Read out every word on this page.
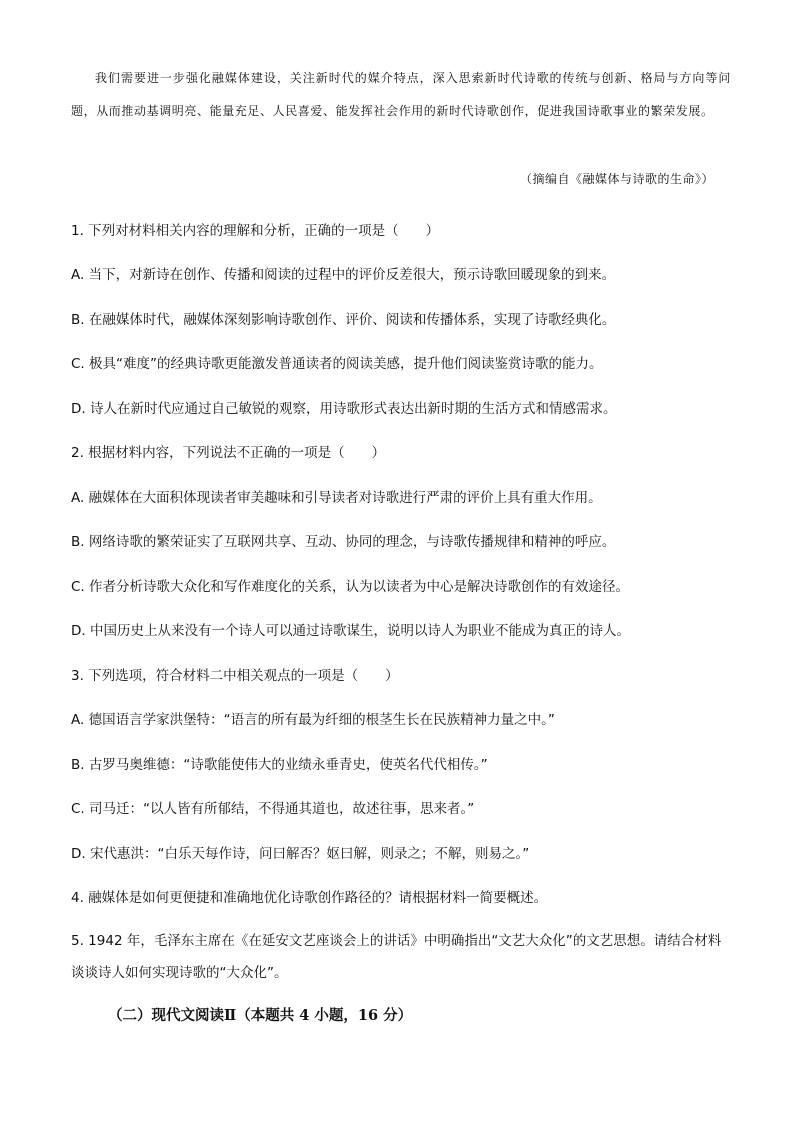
我们需要进一步强化融媒体建设，关注新时代的媒介特点，深入思索新时代诗歌的传统与创新、格局与方向等问题，从而推动基调明亮、能量充足、人民喜爱、能发挥社会作用的新时代诗歌创作，促进我国诗歌事业的繁荣发展。

（摘编自《融媒体与诗歌的生命》）

1. 下列对材料相关内容的理解和分析，正确的一项是（　　）

A. 当下，对新诗在创作、传播和阅读的过程中的评价反差很大，预示诗歌回暖现象的到来。

B. 在融媒体时代，融媒体深刻影响诗歌创作、评价、阅读和传播体系，实现了诗歌经典化。

C. 极具“难度”的经典诗歌更能激发普通读者的阅读美感，提升他们阅读鉴赏诗歌的能力。

D. 诗人在新时代应通过自己敏锐的观察，用诗歌形式表达出新时期的生活方式和情感需求。

2. 根据材料内容，下列说法不正确的一项是（　　）

A. 融媒体在大面积体现读者审美趣味和引导读者对诗歌进行严肃的评价上具有重大作用。

B. 网络诗歌的繁荣证实了互联网共享、互动、协同的理念，与诗歌传播规律和精神的呼应。

C. 作者分析诗歌大众化和写作难度化的关系，认为以读者为中心是解决诗歌创作的有效途径。

D. 中国历史上从来没有一个诗人可以通过诗歌谋生，说明以诗人为职业不能成为真正的诗人。

3. 下列选项，符合材料二中相关观点的一项是（　　）

A. 德国语言学家洪堡特：“语言的所有最为纤细的根茎生长在民族精神力量之中。”

B. 古罗马奥维德：“诗歌能使伟大的业绩永垂青史，使英名代代相传。”

C. 司马迁：“以人皆有所郁结，不得通其道也，故述往事，思来者。”

D. 宋代惠洪：“白乐天每作诗，问曰解否？妪曰解，则录之；不解，则易之。”

4. 融媒体是如何更便捷和准确地优化诗歌创作路径的？请根据材料一简要概述。

5. 1942 年，毛泽东主席在《在延安文艺座谈会上的讲话》中明确指出“文艺大众化”的文艺思想。请结合材料谈谈诗人如何实现诗歌的“大众化”。

（二）现代文阅读Ⅱ（本题共 4 小题，16 分）
